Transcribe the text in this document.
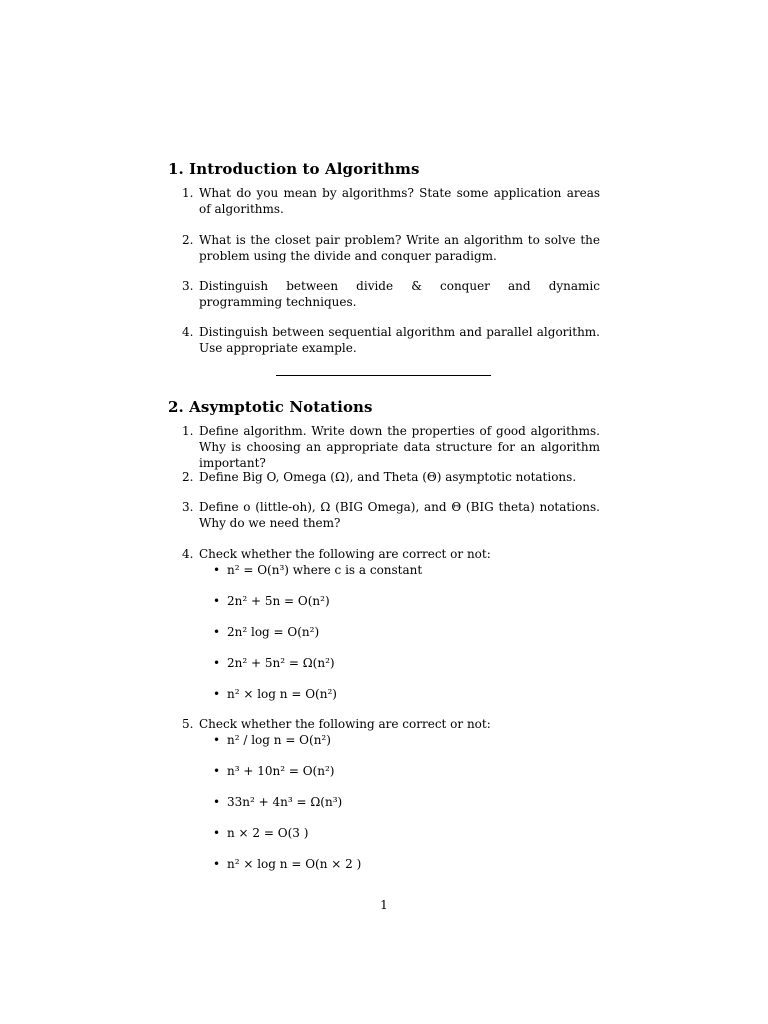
1. Introduction to Algorithms
1. What do you mean by algorithms? State some application areas of algorithms.
2. What is the closet pair problem? Write an algorithm to solve the problem using the divide and conquer paradigm.
3. Distinguish between divide & conquer and dynamic programming techniques.
4. Distinguish between sequential algorithm and parallel algorithm. Use appropriate example.
2. Asymptotic Notations
1. Define algorithm. Write down the properties of good algorithms. Why is choosing an appropriate data structure for an algorithm important?
2. Define Big O, Omega (Ω), and Theta (Θ) asymptotic notations.
3. Define o (little-oh), Ω (BIG Omega), and Θ (BIG theta) notations. Why do we need them?
4. Check whether the following are correct or not:
• n² = O(n³) where c is a constant
• 2n² + 5n = O(n²)
• 2n² log = O(n²)
• 2n² + 5n² = Ω(n²)
• n² × log n = O(n²)
5. Check whether the following are correct or not:
• n² / log n = O(n²)
• n³ + 10n² = O(n²)
• 33n² + 4n³ = Ω(n³)
• n × 2 = O(3 )
• n² × log n = O(n × 2 )
1
